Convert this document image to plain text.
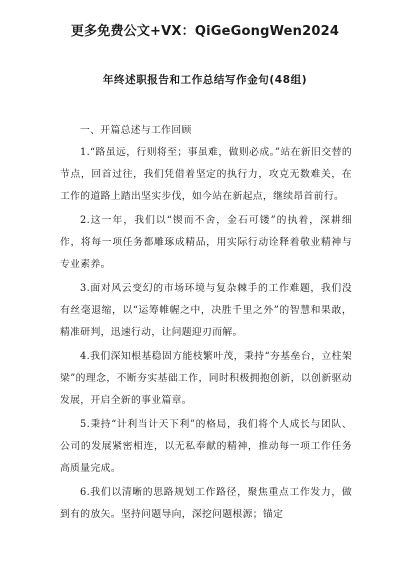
更多免费公文+VX：QiGeGongWen2024
年终述职报告和工作总结写作金句(48组)

一、开篇总述与工作回顾

1.“路虽远，行则将至；事虽难，做则必成。”站在新旧交替的节点，回首过往，我们凭借着坚定的执行力，攻克无数难关，在工作的道路上踏出坚实步伐，如今站在新起点，继续昂首前行。

2.这一年，我们以“锲而不舍，金石可镂”的执着，深耕细作，将每一项任务都雕琢成精品，用实际行动诠释着敬业精神与专业素养。

3.面对风云变幻的市场环境与复杂棘手的工作难题，我们没有丝毫退缩，以“运筹帷幄之中，决胜千里之外”的智慧和果敢，精准研判，迅速行动，让问题迎刃而解。

4.我们深知根基稳固方能枝繁叶茂，秉持“夯基垒台，立柱架梁”的理念，不断夯实基础工作，同时积极拥抱创新，以创新驱动发展，开启全新的事业篇章。

5.秉持“计利当计天下利”的格局，我们将个人成长与团队、公司的发展紧密相连，以无私奉献的精神，推动每一项工作任务高质量完成。

6.我们以清晰的思路规划工作路径，聚焦重点工作发力，做到有的放矢。坚持问题导向，深挖问题根源；锚定
